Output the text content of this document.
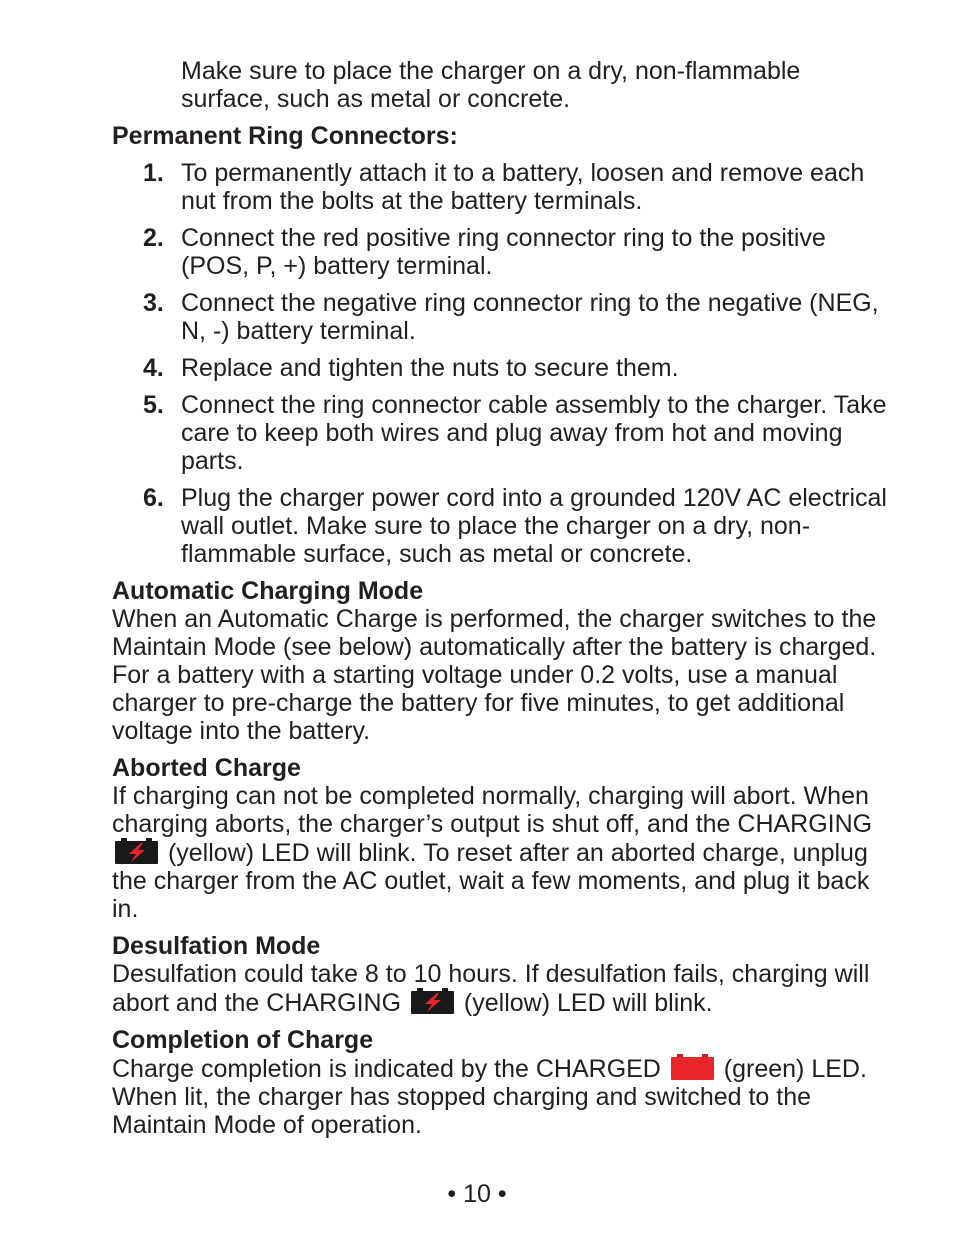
Make sure to place the charger on a dry, non-flammable surface, such as metal or concrete.

Permanent Ring Connectors:

1. To permanently attach it to a battery, loosen and remove each nut from the bolts at the battery terminals.
2. Connect the red positive ring connector ring to the positive (POS, P, +) battery terminal.
3. Connect the negative ring connector ring to the negative (NEG, N, -) battery terminal.
4. Replace and tighten the nuts to secure them.
5. Connect the ring connector cable assembly to the charger. Take care to keep both wires and plug away from hot and moving parts.
6. Plug the charger power cord into a grounded 120V AC electrical wall outlet. Make sure to place the charger on a dry, non-flammable surface, such as metal or concrete.

Automatic Charging Mode

When an Automatic Charge is performed, the charger switches to the Maintain Mode (see below) automatically after the battery is charged. For a battery with a starting voltage under 0.2 volts, use a manual charger to pre-charge the battery for five minutes, to get additional voltage into the battery.

Aborted Charge

If charging can not be completed normally, charging will abort. When charging aborts, the charger’s output is shut off, and the CHARGING  (yellow) LED will blink. To reset after an aborted charge, unplug the charger from the AC outlet, wait a few moments, and plug it back in.

Desulfation Mode

Desulfation could take 8 to 10 hours. If desulfation fails, charging will abort and the CHARGING	(yellow) LED will blink.

Completion of Charge

Charge completion is indicated by the CHARGED	(green) LED. When lit, the charger has stopped charging and switched to the Maintain Mode of operation.

• 10 •
